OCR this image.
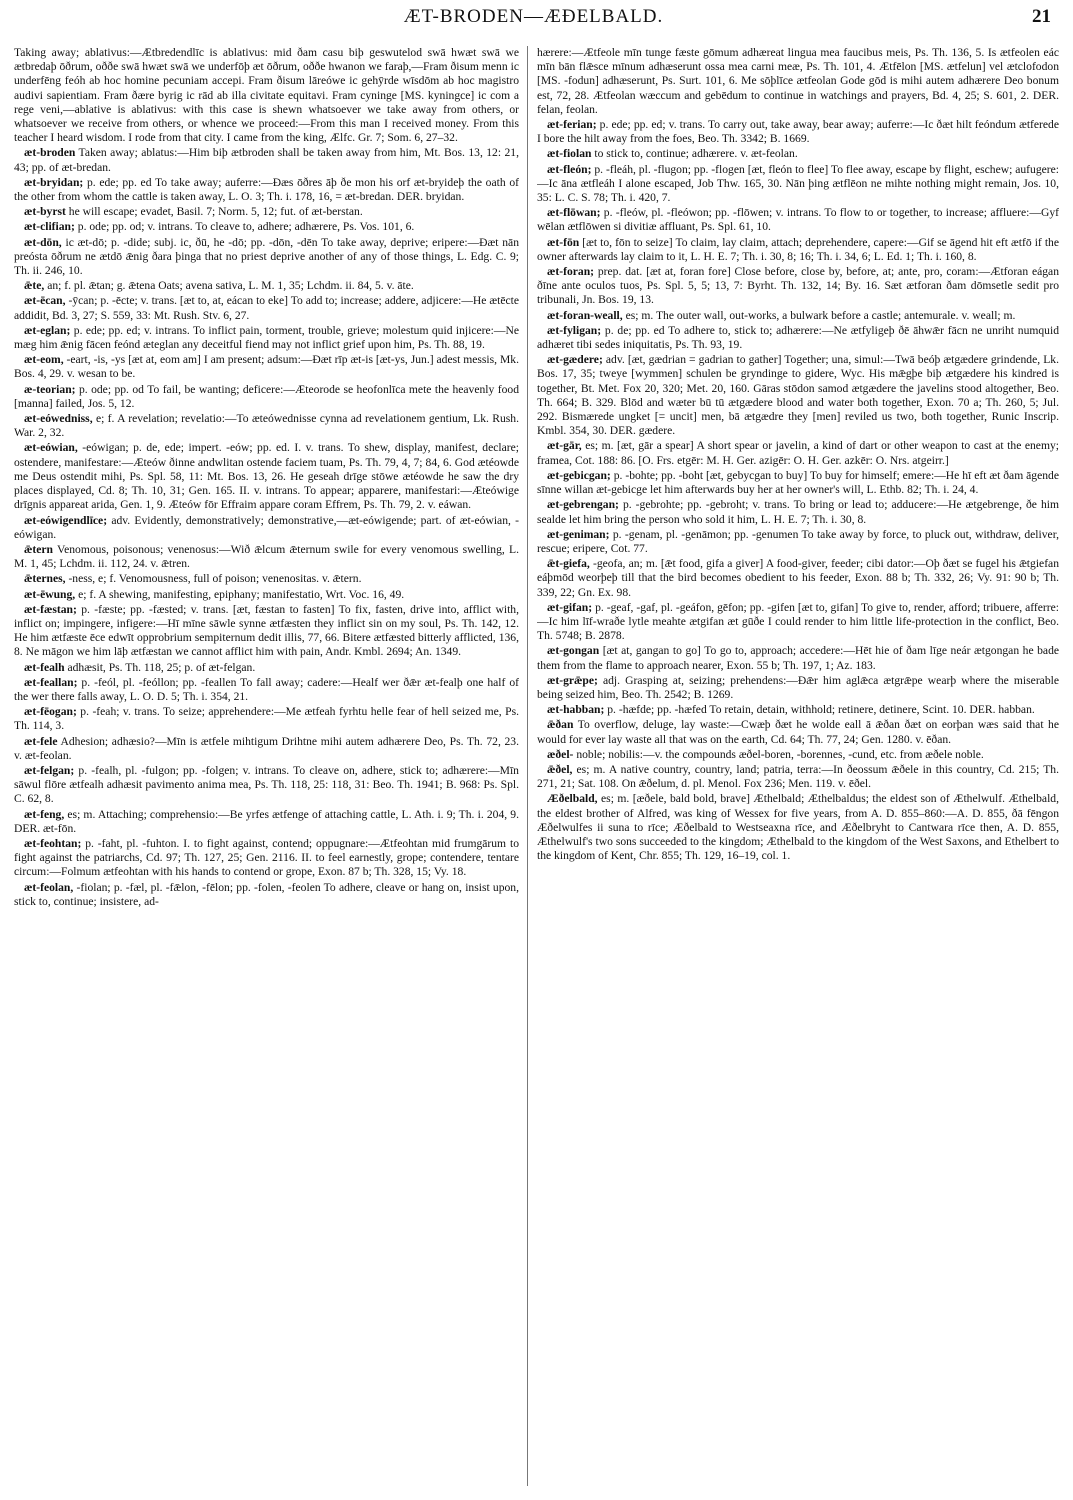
ÆT-BRODEN—ÆÐELBALD.	21

Taking away; ablativus:—Ætbredendlīc is ablativus: mid ðam casu biþ geswutelod swā hwæt swā we ætbredaþ ōðrum, oððe swā hwæt swā we underfōþ æt ōðrum, oððe hwanon we faraþ,—Fram ðisum menn ic underfēng feóh ab hoc homine pecuniam accepi. Fram ðisum lāreówe ic gehȳrde wīsdōm ab hoc magistro audivi sapientiam. Fram ðære byrig ic rād ab illa civitate equitavi. Fram cyninge [MS. kyningce] ic com a rege veni,—ablative is ablativus: with this case is shewn whatsoever we take away from others, or whatsoever we receive from others, or whence we proceed:—From this man I received money. From this teacher I heard wisdom. I rode from that city. I came from the king, Ælfc. Gr. 7; Som. 6, 27–32.

æt-broden Taken away; ablatus:—Him biþ ætbroden shall be taken away from him, Mt. Bos. 13, 12: 21, 43; pp. of æt-bredan.

æt-bryidan; p. ede; pp. ed To take away; auferre:—Ðæs ōðres āþ ðe mon his orf æt-bryideþ the oath of the other from whom the cattle is taken away, L. O. 3; Th. i. 178, 16, = æt-bredan. DER. bryidan.

æt-byrst he will escape; evadet, Basil. 7; Norm. 5, 12; fut. of æt-berstan.

æt-clifian; p. ode; pp. od; v. intrans. To cleave to, adhere; adhærere, Ps. Vos. 101, 6.

æt-dōn, ic æt-dō; p. -dide; subj. ic, ðū, he -dō; pp. -dōn, -dēn To take away, deprive; eripere:—Ðæt nān preósta ōðrum ne ætdō ǣnig ðara þinga that no priest deprive another of any of those things, L. Edg. C. 9; Th. ii. 246, 10.

ǣte, an; f. pl. ǣtan; g. ǣtena Oats; avena sativa, L. M. 1, 35; Lchdm. ii. 84, 5. v. āte.

æt-ēcan, -ȳcan; p. -ēcte; v. trans. [æt to, at, eácan to eke] To add to; increase; addere, adjicere:—He ætēcte addidit, Bd. 3, 27; S. 559, 33: Mt. Rush. Stv. 6, 27.

æt-eglan; p. ede; pp. ed; v. intrans. To inflict pain, torment, trouble, grieve; molestum quid injicere:—Ne mæg him ǣnig fācen feónd æteglan any deceitful fiend may not inflict grief upon him, Ps. Th. 88, 19.

æt-eom, -eart, -is, -ys [æt at, eom am] I am present; adsum:—Ðæt rīp æt-is [æt-ys, Jun.] adest messis, Mk. Bos. 4, 29. v. wesan to be.

æ-teorian; p. ode; pp. od To fail, be wanting; deficere:—Æteorode se heofonlīca mete the heavenly food [manna] failed, Jos. 5, 12.

æt-eówedniss, e; f. A revelation; revelatio:—To æteówednisse cynna ad revelationem gentium, Lk. Rush. War. 2, 32.

æt-eówian, -eówigan; p. de, ede; impert. -eów; pp. ed. I. v. trans. To shew, display, manifest, declare; ostendere, manifestare:—Æteów ðinne andwlitan ostende faciem tuam, Ps. Th. 79, 4, 7; 84, 6. God ætéowde me Deus ostendit mihi, Ps. Spl. 58, 11: Mt. Bos. 13, 26. He geseah drīge stōwe ætéowde he saw the dry places displayed, Cd. 8; Th. 10, 31; Gen. 165. II. v. intrans. To appear; apparere, manifestari:—Æteówige drīgnis appareat arida, Gen. 1, 9. Æteów fōr Effraim appare coram Effrem, Ps. Th. 79, 2. v. eáwan.

æt-eówigendlīce; adv. Evidently, demonstratively; demonstrative,—æt-eówigende; part. of æt-eówian, -eówigan.

ǣtern Venomous, poisonous; venenosus:—Wið ǣlcum ǣternum swile for every venomous swelling, L. M. 1, 45; Lchdm. ii. 112, 24. v. ǣtren.

ǣternes, -ness, e; f. Venomousness, full of poison; venenositas. v. ǣtern.

æt-ēwung, e; f. A shewing, manifesting, epiphany; manifestatio, Wrt. Voc. 16, 49.

æt-fæstan; p. -fæste; pp. -fæsted; v. trans. [æt, fæstan to fasten] To fix, fasten, drive into, afflict with, inflict on; impingere, infigere:—Hī mīne sāwle synne ætfæsten they inflict sin on my soul, Ps. Th. 142, 12. He him ætfæste ēce edwīt opprobrium sempiternum dedit illis, 77, 66. Bitere ætfæsted bitterly afflicted, 136, 8. Ne māgon we him lāþ ætfæstan we cannot afflict him with pain, Andr. Kmbl. 2694; An. 1349.

æt-fealh adhæsit, Ps. Th. 118, 25; p. of æt-felgan.

æt-feallan; p. -feól, pl. -feóllon; pp. -feallen To fall away; cadere:—Healf wer ðǣr æt-fealþ one half of the wer there falls away, L. O. D. 5; Th. i. 354, 21.

æt-fēogan; p. -feah; v. trans. To seize; apprehendere:—Me ætfeah fyrhtu helle fear of hell seized me, Ps. Th. 114, 3.

æt-fele Adhesion; adhæsio?—Mīn is ætfele mihtigum Drihtne mihi autem adhærere Deo, Ps. Th. 72, 23. v. æt-feolan.

æt-felgan; p. -fealh, pl. -fulgon; pp. -folgen; v. intrans. To cleave on, adhere, stick to; adhærere:—Mīn sāwul flōre ætfealh adhæsit pavimento anima mea, Ps. Th. 118, 25: 118, 31: Beo. Th. 1941; B. 968: Ps. Spl. C. 62, 8.

æt-feng, es; m. Attaching; comprehensio:—Be yrfes ætfenge of attaching cattle, L. Ath. i. 9; Th. i. 204, 9. DER. æt-fōn.

æt-feohtan; p. -faht, pl. -fuhton. I. to fight against, contend; oppugnare:—Ætfeohtan mid frumgārum to fight against the patriarchs, Cd. 97; Th. 127, 25; Gen. 2116. II. to feel earnestly, grope; contendere, tentare circum:—Folmum ætfeohtan with his hands to contend or grope, Exon. 87 b; Th. 328, 15; Vy. 18.

æt-feolan, -fiolan; p. -fæl, pl. -fǣlon, -fēlon; pp. -folen, -feolen To adhere, cleave or hang on, insist upon, stick to, continue; insistere, ad-

hærere:—Ætfeole mīn tunge fæste gōmum adhæreat lingua mea faucibus meis, Ps. Th. 136, 5. Is ætfeolen eác mīn bān flǣsce mīnum adhæserunt ossa mea carni meæ, Ps. Th. 101, 4. Ætfēlon [MS. ætfelun] vel ætclofodon [MS. -fodun] adhæserunt, Ps. Surt. 101, 6. Me sōþlīce ætfeolan Gode gōd is mihi autem adhærere Deo bonum est, 72, 28. Ætfeolan wæccum and gebēdum to continue in watchings and prayers, Bd. 4, 25; S. 601, 2. DER. felan, feolan.

æt-ferian; p. ede; pp. ed; v. trans. To carry out, take away, bear away; auferre:—Ic ðæt hilt feóndum ætferede I bore the hilt away from the foes, Beo. Th. 3342; B. 1669.

æt-fiolan to stick to, continue; adhærere. v. æt-feolan.

æt-fleón; p. -fleáh, pl. -flugon; pp. -flogen [æt, fleón to flee] To flee away, escape by flight, eschew; aufugere:—Ic āna ætfleáh I alone escaped, Job Thw. 165, 30. Nān þing ætflēon ne mihte nothing might remain, Jos. 10, 35: L. C. S. 78; Th. i. 420, 7.

æt-flōwan; p. -fleów, pl. -fleówon; pp. -flōwen; v. intrans. To flow to or together, to increase; affluere:—Gyf wēlan ætflōwen si divitiæ affluant, Ps. Spl. 61, 10.

æt-fōn [æt to, fōn to seize] To claim, lay claim, attach; deprehendere, capere:—Gif se āgend hit eft ætfō if the owner afterwards lay claim to it, L. H. E. 7; Th. i. 30, 8; 16; Th. i. 34, 6; L. Ed. 1; Th. i. 160, 8.

æt-foran; prep. dat. [æt at, foran fore] Close before, close by, before, at; ante, pro, coram:—Ætforan eágan ðīne ante oculos tuos, Ps. Spl. 5, 5; 13, 7: Byrht. Th. 132, 14; By. 16. Sæt ætforan ðam dōmsetle sedit pro tribunali, Jn. Bos. 19, 13.

æt-foran-weall, es; m. The outer wall, out-works, a bulwark before a castle; antemurale. v. weall; m.

æt-fyligan; p. de; pp. ed To adhere to, stick to; adhærere:—Ne ætfyligeþ ðē āhwǣr fācn ne unriht numquid adhæret tibi sedes iniquitatis, Ps. Th. 93, 19.

æt-gædere; adv. [æt, gædrian = gadrian to gather] Together; una, simul:—Twā beóþ ætgædere grindende, Lk. Bos. 17, 35; tweye [wymmen] schulen be gryndinge to gidere, Wyc. His mǣgþe biþ ætgædere his kindred is together, Bt. Met. Fox 20, 320; Met. 20, 160. Gāras stōdon samod ætgædere the javelins stood altogether, Beo. Th. 664; B. 329. Blōd and wæter bū tū ætgædere blood and water both together, Exon. 70 a; Th. 260, 5; Jul. 292. Bismærede ungket [= uncit] men, bā ætgædre they [men] reviled us two, both together, Runic Inscrip. Kmbl. 354, 30. DER. gædere.

æt-gār, es; m. [æt, gār a spear] A short spear or javelin, a kind of dart or other weapon to cast at the enemy; framea, Cot. 188: 86. [O. Frs. etgēr: M. H. Ger. azigēr: O. H. Ger. azkēr: O. Nrs. atgeirr.]

æt-gebicgan; p. -bohte; pp. -boht [æt, gebycgan to buy] To buy for himself; emere:—He hī eft æt ðam āgende sīnne willan æt-gebicge let him afterwards buy her at her owner's will, L. Ethb. 82; Th. i. 24, 4.

æt-gebrengan; p. -gebrohte; pp. -gebroht; v. trans. To bring or lead to; adducere:—He ætgebrenge, ðe him sealde let him bring the person who sold it him, L. H. E. 7; Th. i. 30, 8.

æt-geniman; p. -genam, pl. -genāmon; pp. -genumen To take away by force, to pluck out, withdraw, deliver, rescue; eripere, Cot. 77.

ǣt-giefa, -geofa, an; m. [ǣt food, gifa a giver] A food-giver, feeder; cibi dator:—Oþ ðæt se fugel his ǣtgiefan eáþmōd weorþeþ till that the bird becomes obedient to his feeder, Exon. 88 b; Th. 332, 26; Vy. 91: 90 b; Th. 339, 22; Gn. Ex. 98.

æt-gifan; p. -geaf, -gaf, pl. -geáfon, gēfon; pp. -gifen [æt to, gifan] To give to, render, afford; tribuere, afferre:—Ic him līf-wraðe lytle meahte ætgifan æt gūðe I could render to him little life-protection in the conflict, Beo. Th. 5748; B. 2878.

æt-gongan [æt at, gangan to go] To go to, approach; accedere:—Hēt hie of ðam līge neár ætgongan he bade them from the flame to approach nearer, Exon. 55 b; Th. 197, 1; Az. 183.

æt-grǣpe; adj. Grasping at, seizing; prehendens:—Ðǣr him aglǣca ætgrǣpe wearþ where the miserable being seized him, Beo. Th. 2542; B. 1269.

æt-habban; p. -hæfde; pp. -hæfed To retain, detain, withhold; retinere, detinere, Scint. 10. DER. habban.

ǣðan To overflow, deluge, lay waste:—Cwæþ ðæt he wolde eall ā ǣðan ðæt on eorþan wæs said that he would for ever lay waste all that was on the earth, Cd. 64; Th. 77, 24; Gen. 1280. v. ēðan.

æðel- noble; nobilis:—v. the compounds æðel-boren, -borennes, -cund, etc. from æðele noble.

ǣðel, es; m. A native country, country, land; patria, terra:—In ðeossum ǣðele in this country, Cd. 215; Th. 271, 21; Sat. 108. On ǣðelum, d. pl. Menol. Fox 236; Men. 119. v. ēðel.

Æðelbald, es; m. [æðele, bald bold, brave] Æthelbald; Æthelbaldus; the eldest son of Æthelwulf. Æthelbald, the eldest brother of Alfred, was king of Wessex for five years, from A. D. 855–860:—A. D. 855, ðā fēngon Æðelwulfes ii suna to rīce; Æðelbald to Westseaxna rīce, and Æðelbryht to Cantwara rīce then, A. D. 855, Æthelwulf's two sons succeeded to the kingdom; Æthelbald to the kingdom of the West Saxons, and Ethelbert to the kingdom of Kent, Chr. 855; Th. 129, 16–19, col. 1.
